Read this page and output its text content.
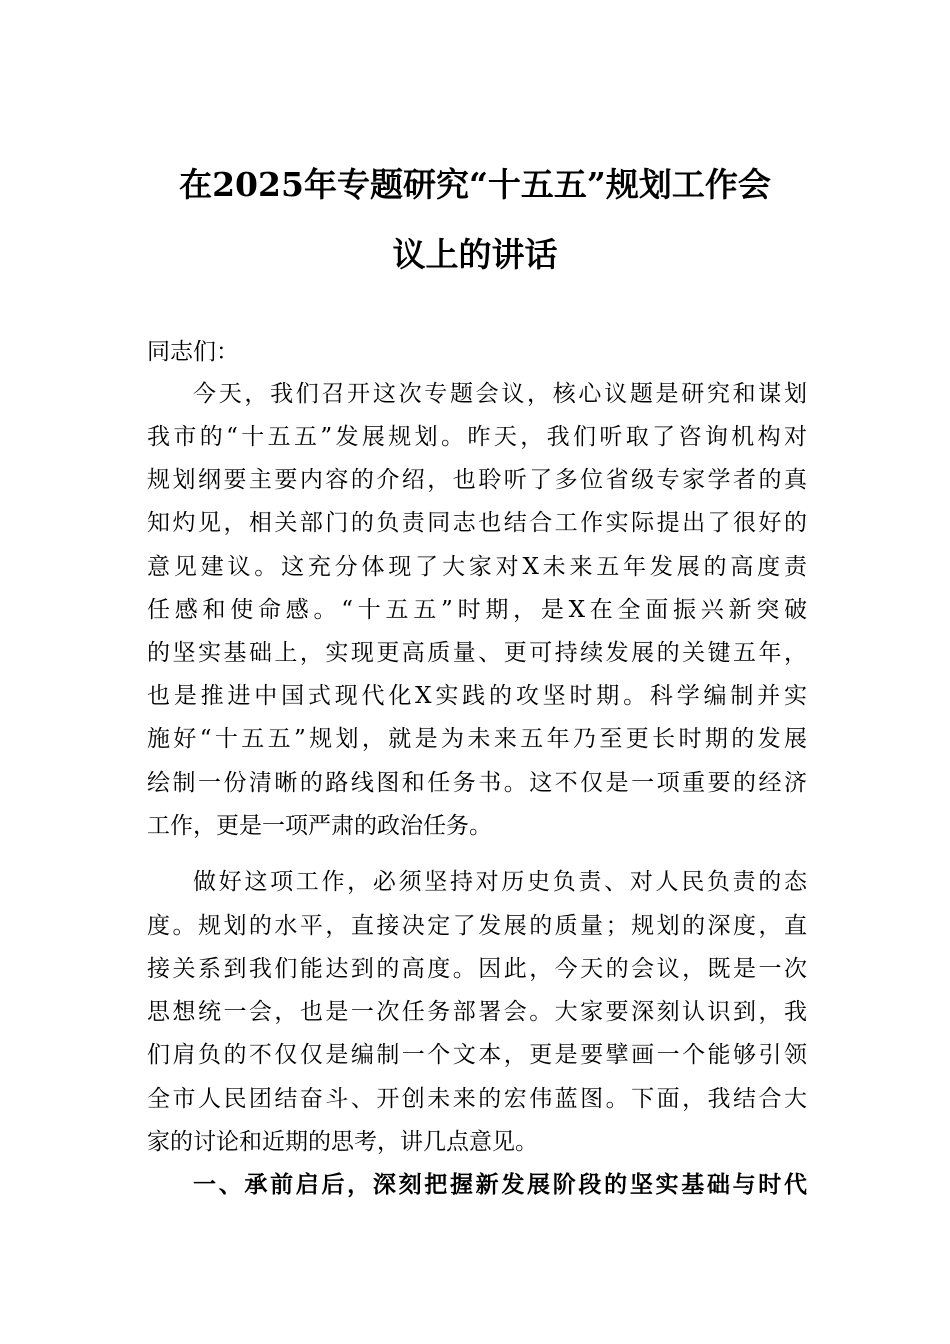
在2025年专题研究“十五五”规划工作会
议上的讲话
同志们：
今天，我们召开这次专题会议，核心议题是研究和谋划
我市的“十五五”发展规划。昨天，我们听取了咨询机构对
规划纲要主要内容的介绍，也聆听了多位省级专家学者的真
知灼见，相关部门的负责同志也结合工作实际提出了很好的
意见建议。这充分体现了大家对X未来五年发展的高度责
任感和使命感。“十五五”时期，是X在全面振兴新突破
的坚实基础上，实现更高质量、更可持续发展的关键五年，
也是推进中国式现代化X实践的攻坚时期。科学编制并实
施好“十五五”规划，就是为未来五年乃至更长时期的发展
绘制一份清晰的路线图和任务书。这不仅是一项重要的经济
工作，更是一项严肃的政治任务。
做好这项工作，必须坚持对历史负责、对人民负责的态
度。规划的水平，直接决定了发展的质量；规划的深度，直
接关系到我们能达到的高度。因此，今天的会议，既是一次
思想统一会，也是一次任务部署会。大家要深刻认识到，我
们肩负的不仅仅是编制一个文本，更是要擘画一个能够引领
全市人民团结奋斗、开创未来的宏伟蓝图。下面，我结合大
家的讨论和近期的思考，讲几点意见。
一、承前启后，深刻把握新发展阶段的坚实基础与时代
